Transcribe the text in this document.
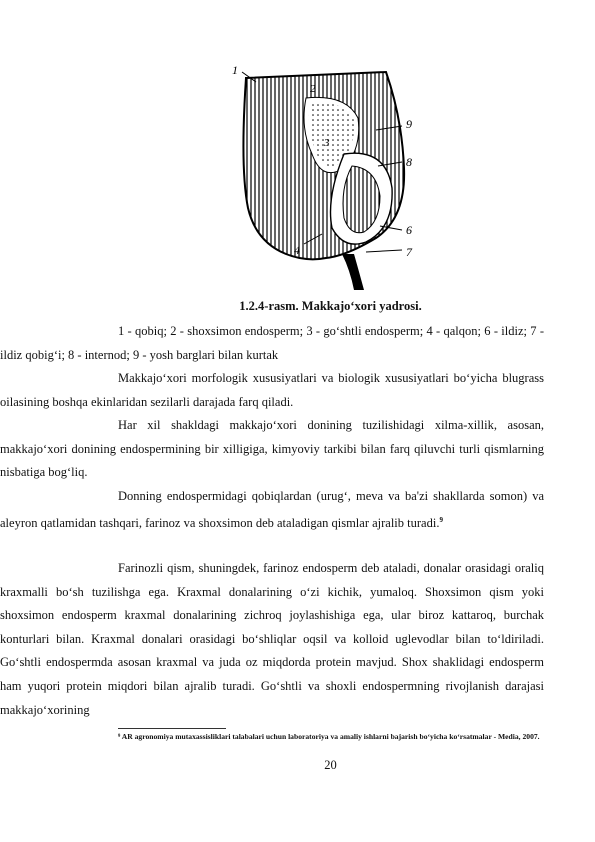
1
2
3
9
8
6
4	7
1.2.4-rasm. Makkajo‘xori yadrosi.
1 - qobiq; 2 - shoxsimon endosperm; 3 - go‘shtli endosperm; 4 - qalqon; 6 - ildiz; 7 - ildiz qobig‘i; 8 - internod; 9 - yosh barglari bilan kurtak
Makkajo‘xori morfologik xususiyatlari va biologik xususiyatlari bo‘yicha blugrass oilasining boshqa ekinlaridan sezilarli darajada farq qiladi.
Har xil shakldagi makkajo‘xori donining tuzilishidagi xilma-xillik, asosan, makkajo‘xori donining endospermining bir xilligiga, kimyoviy tarkibi bilan farq qiluvchi turli qismlarning nisbatiga bog‘liq.
Donning endospermidagi qobiqlardan (urug‘, meva va ba'zi shakllarda somon) va aleyron qatlamidan tashqari, farinoz va shoxsimon deb ataladigan qismlar ajralib turadi.$^9$
Farinozli qism, shuningdek, farinoz endosperm deb ataladi, donalar orasidagi oraliq kraxmalli bo‘sh tuzilishga ega. Kraxmal donalarining o‘zi kichik, yumaloq. Shoxsimon qism yoki shoxsimon endosperm kraxmal donalarining zichroq joylashishiga ega, ular biroz kattaroq, burchak konturlari bilan. Kraxmal donalari orasidagi bo‘shliqlar oqsil va kolloid uglevodlar bilan to‘ldiriladi. Go‘shtli endospermda asosan kraxmal va juda oz miqdorda protein mavjud. Shox shaklidagi endosperm ham yuqori protein miqdori bilan ajralib turadi. Go‘shtli va shoxli endospermning rivojlanish darajasi makkajo‘xorining
⁹ AR agronomiya mutaxassisliklari talabalari uchun laboratoriya va amaliy ishlarni bajarish bo‘yicha ko‘rsatmalar - Media, 2007.
20
